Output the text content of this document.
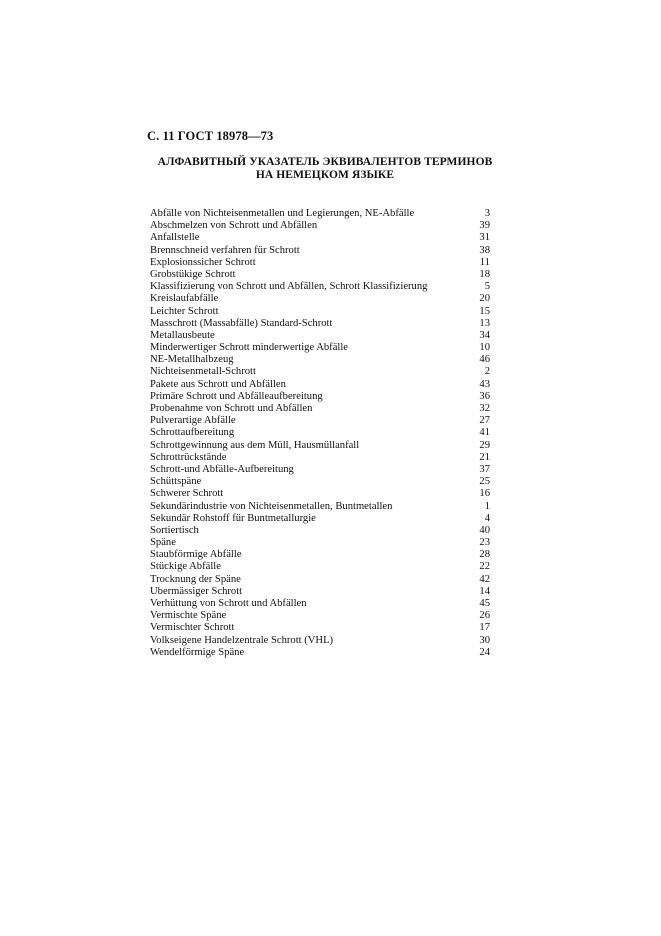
С. 11 ГОСТ 18978—73
АЛФАВИТНЫЙ УКАЗАТЕЛЬ ЭКВИВАЛЕНТОВ ТЕРМИНОВ
НА НЕМЕЦКОМ ЯЗЫКЕ
Abfälle von Nichteisenmetallen und Legierungen, NE-Abfälle	3
Abschmelzen von Schrott und Abfällen	39
Anfallstelle	31
Brennschneid verfahren für Schrott	38
Explosionssicher Schrott	11
Grobstükige Schrott	18
Klassifizierung von Schrott und Abfällen, Schrott Klassifizierung	5
Kreislaufabfälle	20
Leichter Schrott	15
Masschrott (Massabfälle) Standard-Schrott	13
Metallausbeute	34
Minderwertiger Schrott minderwertige Abfälle	10
NE-Metallhalbzeug	46
Nichteisenmetall-Schrott	2
Pakete aus Schrott und Abfällen	43
Primäre Schrott und Abfälleaufbereitung	36
Probenahme von Schrott und Abfällen	32
Pulverartige Abfälle	27
Schrottaufbereitung	41
Schrottgewinnung aus dem Müll, Hausmüllanfall	29
Schrottrückstände	21
Schrott-und Abfälle-Aufbereitung	37
Schüttspäne	25
Schwerer Schrott	16
Sekundärindustrie von Nichteisenmetallen, Buntmetallen	1
Sekundär Rohstoff für Buntmetallurgie	4
Sortiertisch	40
Späne	23
Staubförmige Abfälle	28
Stückige Abfälle	22
Trocknung der Späne	42
Ubermässiger Schrott	14
Verhüttung von Schrott und Abfällen	45
Vermischte Späne	26
Vermischter Schrott	17
Volkseigene Handelzentrale Schrott (VHL)	30
Wendelförmige Späne	24
